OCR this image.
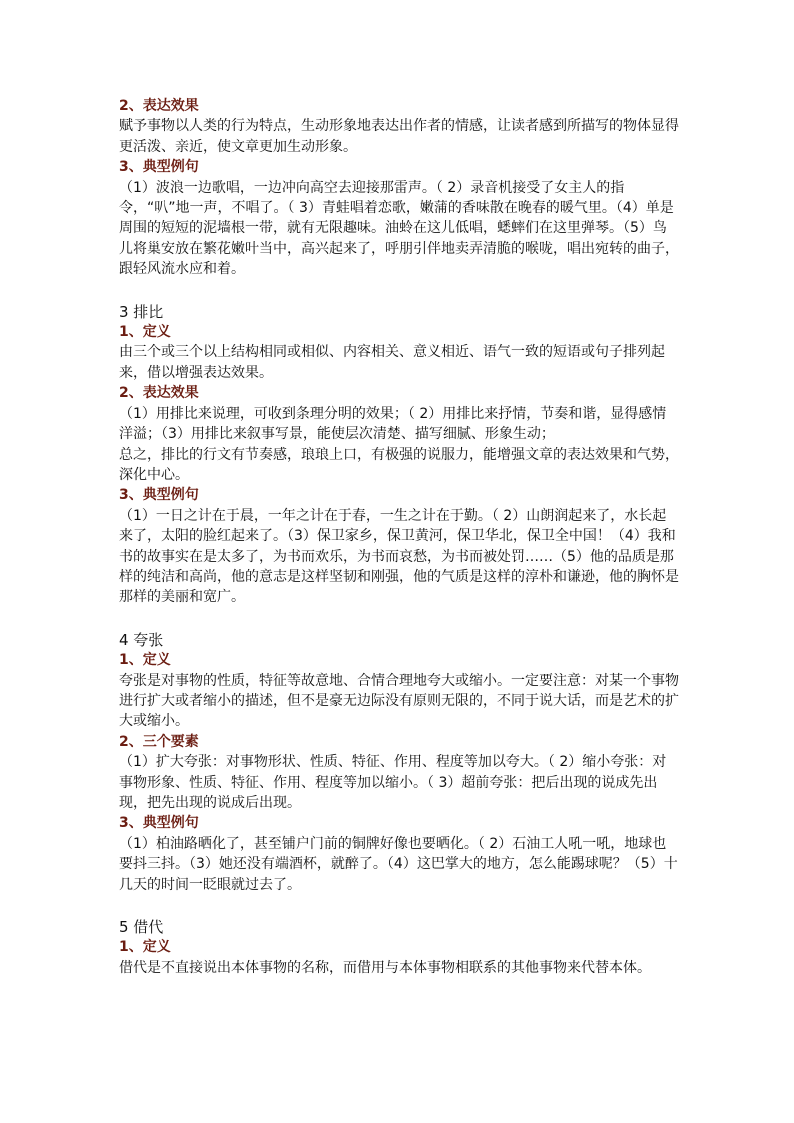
2、表达效果

赋予事物以人类的行为特点，生动形象地表达出作者的情感，让读者感到所描写的物体显得更活泼、亲近，使文章更加生动形象。

3、典型例句

（1）波浪一边歌唱，一边冲向高空去迎接那雷声。（ 2）录音机接受了女主人的指令，“叭”地一声，不唱了。（ 3）青蛙唱着恋歌，嫩蒲的香味散在晚春的暖气里。（4）单是周围的短短的泥墙根一带，就有无限趣味。油蛉在这儿低唱，蟋蟀们在这里弹琴。（5）鸟儿将巢安放在繁花嫩叶当中，高兴起来了，呼朋引伴地卖弄清脆的喉咙，唱出宛转的曲子，跟轻风流水应和着。

3 排比

1、定义

由三个或三个以上结构相同或相似、内容相关、意义相近、语气一致的短语或句子排列起来，借以增强表达效果。

2、表达效果

（1）用排比来说理，可收到条理分明的效果；（ 2）用排比来抒情，节奏和谐，显得感情洋溢；（3）用排比来叙事写景，能使层次清楚、描写细腻、形象生动；

总之，排比的行文有节奏感，琅琅上口，有极强的说服力，能增强文章的表达效果和气势，深化中心。

3、典型例句

（1）一日之计在于晨，一年之计在于春，一生之计在于勤。（ 2）山朗润起来了，水长起来了，太阳的脸红起来了。（3）保卫家乡，保卫黄河，保卫华北，保卫全中国！（4）我和书的故事实在是太多了，为书而欢乐，为书而哀愁，为书而被处罚……（5）他的品质是那样的纯洁和高尚，他的意志是这样坚韧和刚强，他的气质是这样的淳朴和谦逊，他的胸怀是那样的美丽和宽广。

4 夸张

1、定义

夸张是对事物的性质，特征等故意地、合情合理地夸大或缩小。一定要注意：对某一个事物进行扩大或者缩小的描述，但不是豪无边际没有原则无限的，不同于说大话，而是艺术的扩大或缩小。

2、三个要素

（1）扩大夸张：对事物形状、性质、特征、作用、程度等加以夸大。（ 2）缩小夸张：对事物形象、性质、特征、作用、程度等加以缩小。（ 3）超前夸张：把后出现的说成先出现，把先出现的说成后出现。

3、典型例句

（1）柏油路晒化了，甚至铺户门前的铜牌好像也要晒化。（ 2）石油工人吼一吼，地球也要抖三抖。（3）她还没有端酒杯，就醉了。（4）这巴掌大的地方，怎么能踢球呢？（5）十几天的时间一眨眼就过去了。

5 借代

1、定义

借代是不直接说出本体事物的名称，而借用与本体事物相联系的其他事物来代替本体。
